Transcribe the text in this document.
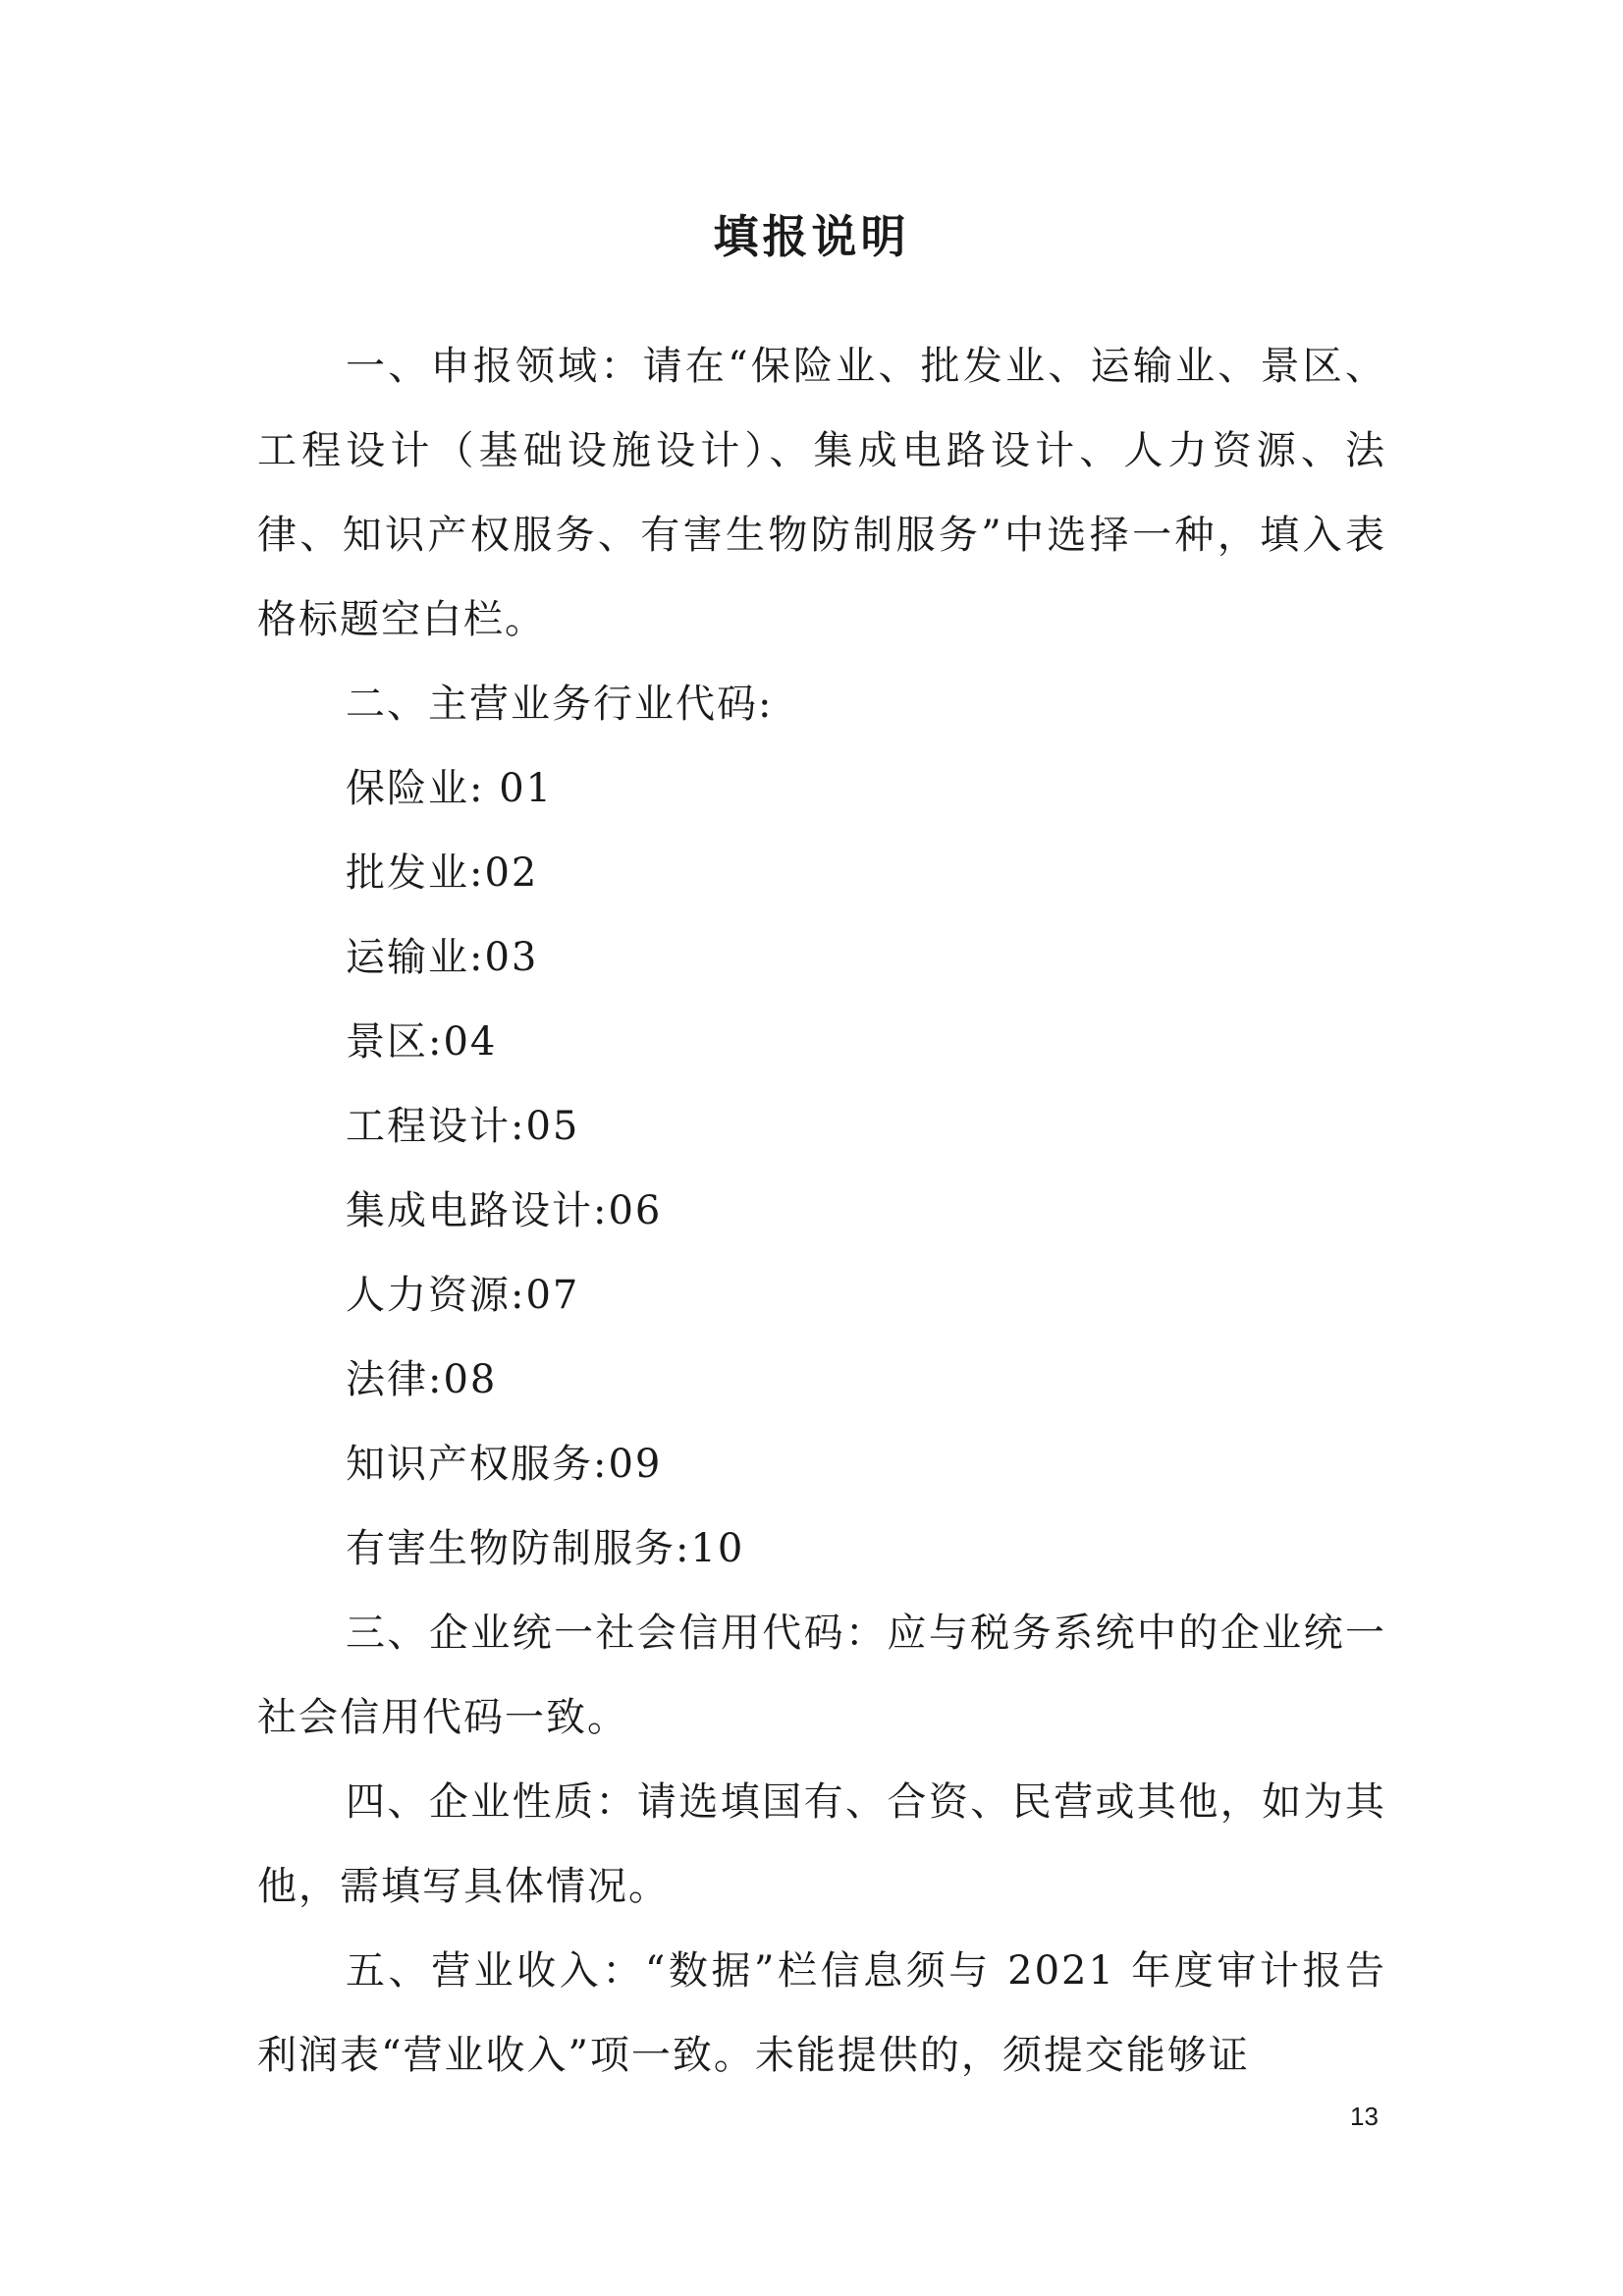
填报说明

一、申报领域：请在“保险业、批发业、运输业、景区、工程设计（基础设施设计）、集成电路设计、人力资源、法律、知识产权服务、有害生物防制服务”中选择一种，填入表格标题空白栏。

二、主营业务行业代码:

保险业: 01
批发业:02
运输业:03
景区:04
工程设计:05
集成电路设计:06
人力资源:07
法律:08
知识产权服务:09
有害生物防制服务:10

三、企业统一社会信用代码：应与税务系统中的企业统一社会信用代码一致。

四、企业性质：请选填国有、合资、民营或其他，如为其他，需填写具体情况。

五、营业收入：“数据”栏信息须与 2021 年度审计报告利润表“营业收入”项一致。未能提供的，须提交能够证

13
